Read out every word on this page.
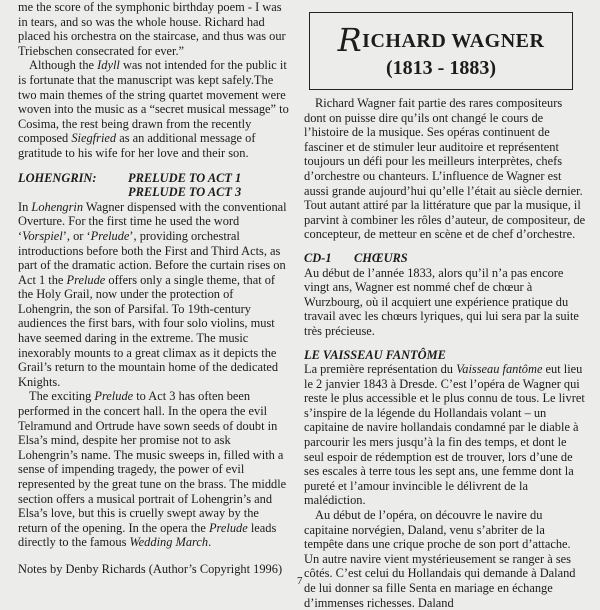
me the score of the symphonic birthday poem - I was in tears, and so was the whole house. Richard had placed his orchestra on the staircase, and thus was our Triebschen consecrated for ever.”

Although the Idyll was not intended for the public it is fortunate that the manuscript was kept safely.The two main themes of the string quartet movement were woven into the music as a “secret musical message” to Cosima, the rest being drawn from the recently composed Siegfried as an additional message of gratitude to his wife for her love and their son.

LOHENGRIN:	PRELUDE TO ACT 1
PRELUDE TO ACT 3

In Lohengrin Wagner dispensed with the conventional Overture. For the first time he used the word ‘Vorspiel’, or ‘Prelude’, providing orchestral introductions before both the First and Third Acts, as part of the dramatic action. Before the curtain rises on Act 1 the Prelude offers only a single theme, that of the Holy Grail, now under the protection of Lohengrin, the son of Parsifal. To 19th-century audiences the first bars, with four solo violins, must have seemed daring in the extreme. The music inexorably mounts to a great climax as it depicts the Grail’s return to the mountain home of the dedicated Knights.

The exciting Prelude to Act 3 has often been performed in the concert hall. In the opera the evil Telramund and Ortrude have sown seeds of doubt in Elsa’s mind, despite her promise not to ask Lohengrin’s name. The music sweeps in, filled with a sense of impending tragedy, the power of evil represented by the great tune on the brass. The middle section offers a musical portrait of Lohengrin’s and Elsa’s love, but this is cruelly swept away by the return of the opening. In the opera the Prelude leads directly to the famous Wedding March.

Notes by Denby Richards (Author’s Copyright 1996)

RICHARD WAGNER
(1813 - 1883)

Richard Wagner fait partie des rares compositeurs dont on puisse dire qu’ils ont changé le cours de l’histoire de la musique. Ses opéras continuent de fasciner et de stimuler leur auditoire et représentent toujours un défi pour les meilleurs interprètes, chefs d’orchestre ou chanteurs. L’influence de Wagner est aussi grande aujourd’hui qu’elle l’était au siècle dernier. Tout autant attiré par la littérature que par la musique, il parvint à combiner les rôles d’auteur, de compositeur, de concepteur, de metteur en scène et de chef d’orchestre.

CD-1 CHŒURS

Au début de l’année 1833, alors qu’il n’a pas encore vingt ans, Wagner est nommé chef de chœur à Wurzbourg, où il acquiert une expérience pratique du travail avec les chœurs lyriques, qui lui sera par la suite très précieuse.

LE VAISSEAU FANTÔME

La première représentation du Vaisseau fantôme eut lieu le 2 janvier 1843 à Dresde. C’est l’opéra de Wagner qui reste le plus accessible et le plus connu de tous. Le livret s’inspire de la légende du Hollandais volant – un capitaine de navire hollandais condamné par le diable à parcourir les mers jusqu’à la fin des temps, et dont le seul espoir de rédemption est de trouver, lors d’une de ses escales à terre tous les sept ans, une femme dont la pureté et l’amour invincible le délivrent de la malédiction.

Au début de l’opéra, on découvre le navire du capitaine norvégien, Daland, venu s’abriter de la tempête dans une crique proche de son port d’attache. Un autre navire vient mystérieusement se ranger à ses côtés. C’est celui du Hollandais qui demande à Daland de lui donner sa fille Senta en mariage en échange d’immenses richesses. Daland

7
